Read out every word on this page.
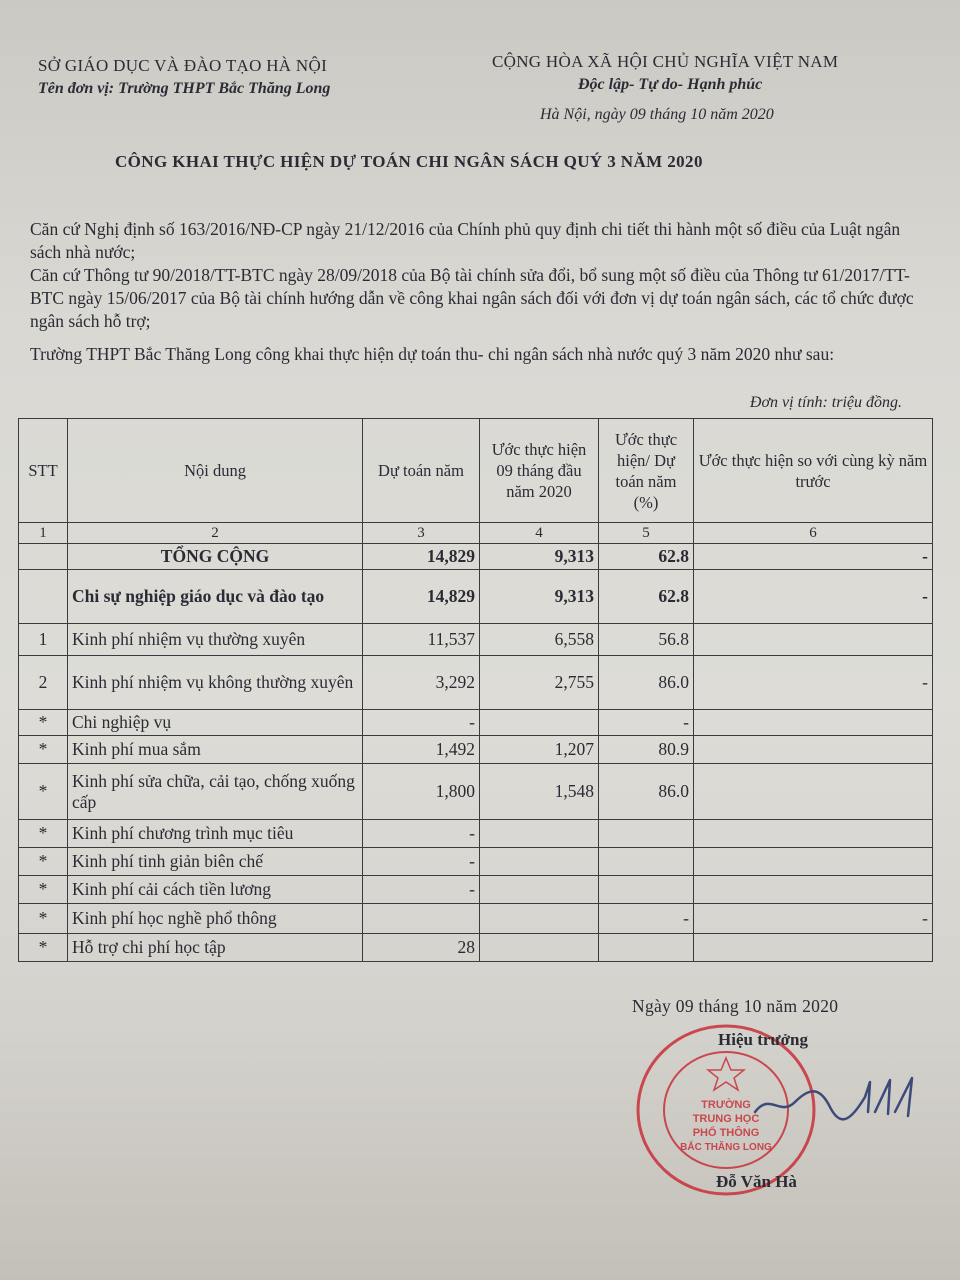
SỞ GIÁO DỤC VÀ ĐÀO TẠO HÀ NỘI
Tên đơn vị: Trường THPT Bắc Thăng Long
CỘNG HÒA XÃ HỘI CHỦ NGHĨA VIỆT NAM
Độc lập- Tự do- Hạnh phúc
Hà Nội, ngày 09 tháng 10 năm 2020
CÔNG KHAI THỰC HIỆN DỰ TOÁN CHI NGÂN SÁCH QUÝ 3 NĂM 2020

Căn cứ Nghị định số 163/2016/NĐ-CP ngày 21/12/2016 của Chính phủ quy định chi tiết thi hành một số điều của Luật ngân sách nhà nước;

Căn cứ Thông tư 90/2018/TT-BTC ngày 28/09/2018 của Bộ tài chính sửa đổi, bổ sung một số điều của Thông tư 61/2017/TT-BTC ngày 15/06/2017 của Bộ tài chính hướng dẫn về công khai ngân sách đối với đơn vị dự toán ngân sách, các tổ chức được ngân sách hỗ trợ;

Trường THPT Bắc Thăng Long công khai thực hiện dự toán thu- chi ngân sách nhà nước quý 3 năm 2020 như sau:

Đơn vị tính: triệu đồng.
STT	Nội dung	Dự toán năm	Ước thực hiện 09 tháng đầu năm 2020	Ước thực hiện/ Dự toán năm (%)	Ước thực hiện so với cùng kỳ năm trước
1	2	3	4	5	6
	TỔNG CỘNG	14,829	9,313	62.8	-
	Chi sự nghiệp giáo dục và đào tạo	14,829	9,313	62.8	-
1	Kinh phí nhiệm vụ thường xuyên	11,537	6,558	56.8	
2	Kinh phí nhiệm vụ không thường xuyên	3,292	2,755	86.0	-
*	Chi nghiệp vụ	-		-	
*	Kinh phí mua sắm	1,492	1,207	80.9	
*	Kinh phí sửa chữa, cải tạo, chống xuống cấp	1,800	1,548	86.0	
*	Kinh phí chương trình mục tiêu	-			
*	Kinh phí tinh giản biên chế	-			
*	Kinh phí cải cách tiền lương	-			
*	Kinh phí học nghề phổ thông			-	-
*	Hỗ trợ chi phí học tập	28			
Ngày 09 tháng 10 năm 2020
TRƯỜNG
TRUNG HỌC
PHỔ THÔNG
BẮC THĂNG LONG
Hiệu trưởng
Đỗ Văn Hà
